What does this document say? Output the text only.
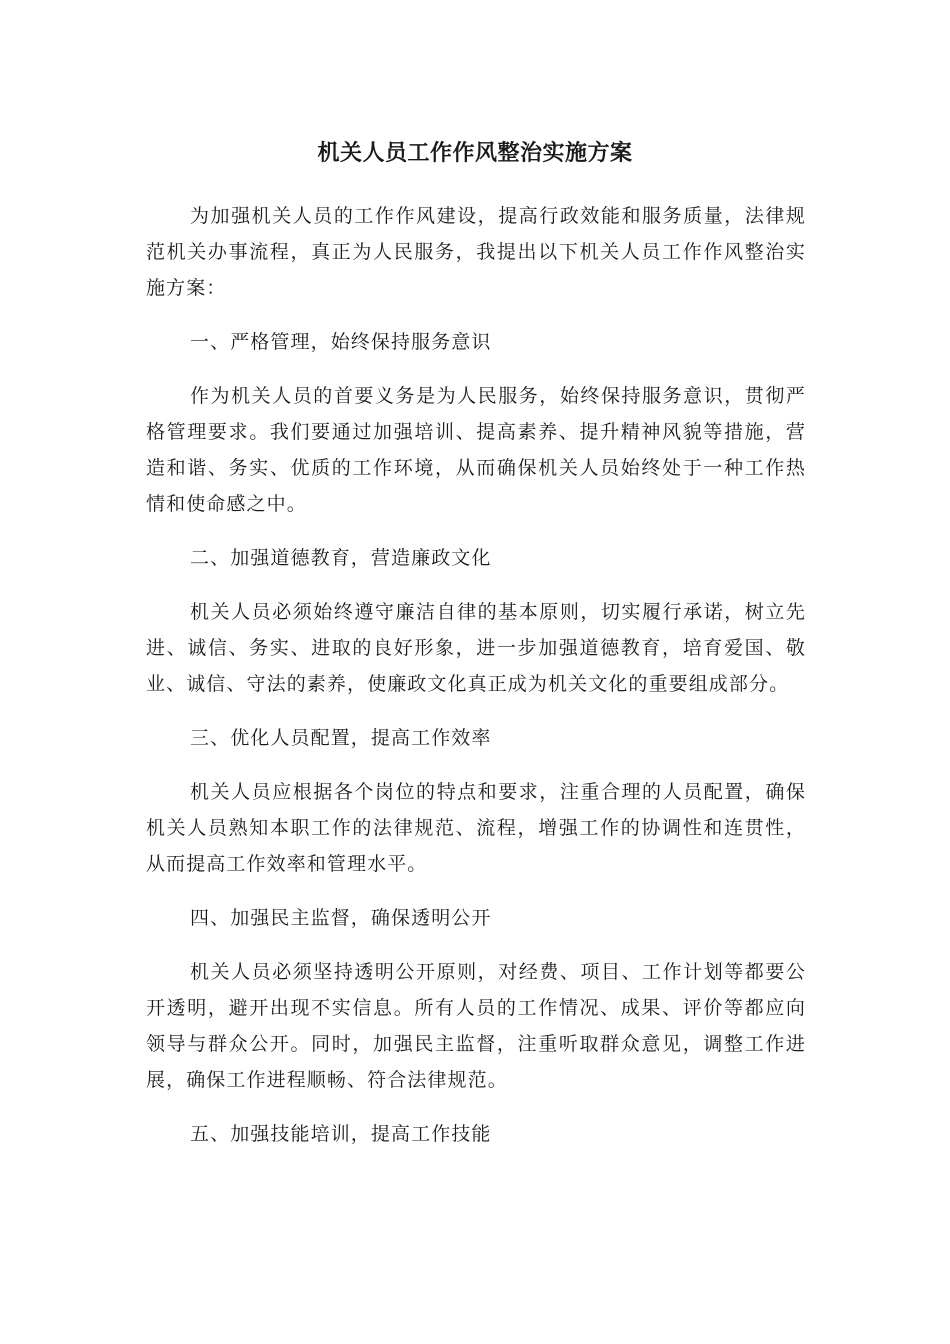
机关人员工作作风整治实施方案

为加强机关人员的工作作风建设，提高行政效能和服务质量，法律规范机关办事流程，真正为人民服务，我提出以下机关人员工作作风整治实施方案：

一、严格管理，始终保持服务意识

作为机关人员的首要义务是为人民服务，始终保持服务意识，贯彻严格管理要求。我们要通过加强培训、提高素养、提升精神风貌等措施，营造和谐、务实、优质的工作环境，从而确保机关人员始终处于一种工作热情和使命感之中。

二、加强道德教育，营造廉政文化

机关人员必须始终遵守廉洁自律的基本原则，切实履行承诺，树立先进、诚信、务实、进取的良好形象，进一步加强道德教育，培育爱国、敬业、诚信、守法的素养，使廉政文化真正成为机关文化的重要组成部分。

三、优化人员配置，提高工作效率

机关人员应根据各个岗位的特点和要求，注重合理的人员配置，确保机关人员熟知本职工作的法律规范、流程，增强工作的协调性和连贯性，从而提高工作效率和管理水平。

四、加强民主监督，确保透明公开

机关人员必须坚持透明公开原则，对经费、项目、工作计划等都要公开透明，避开出现不实信息。所有人员的工作情况、成果、评价等都应向领导与群众公开。同时，加强民主监督，注重听取群众意见，调整工作进展，确保工作进程顺畅、符合法律规范。

五、加强技能培训，提高工作技能
